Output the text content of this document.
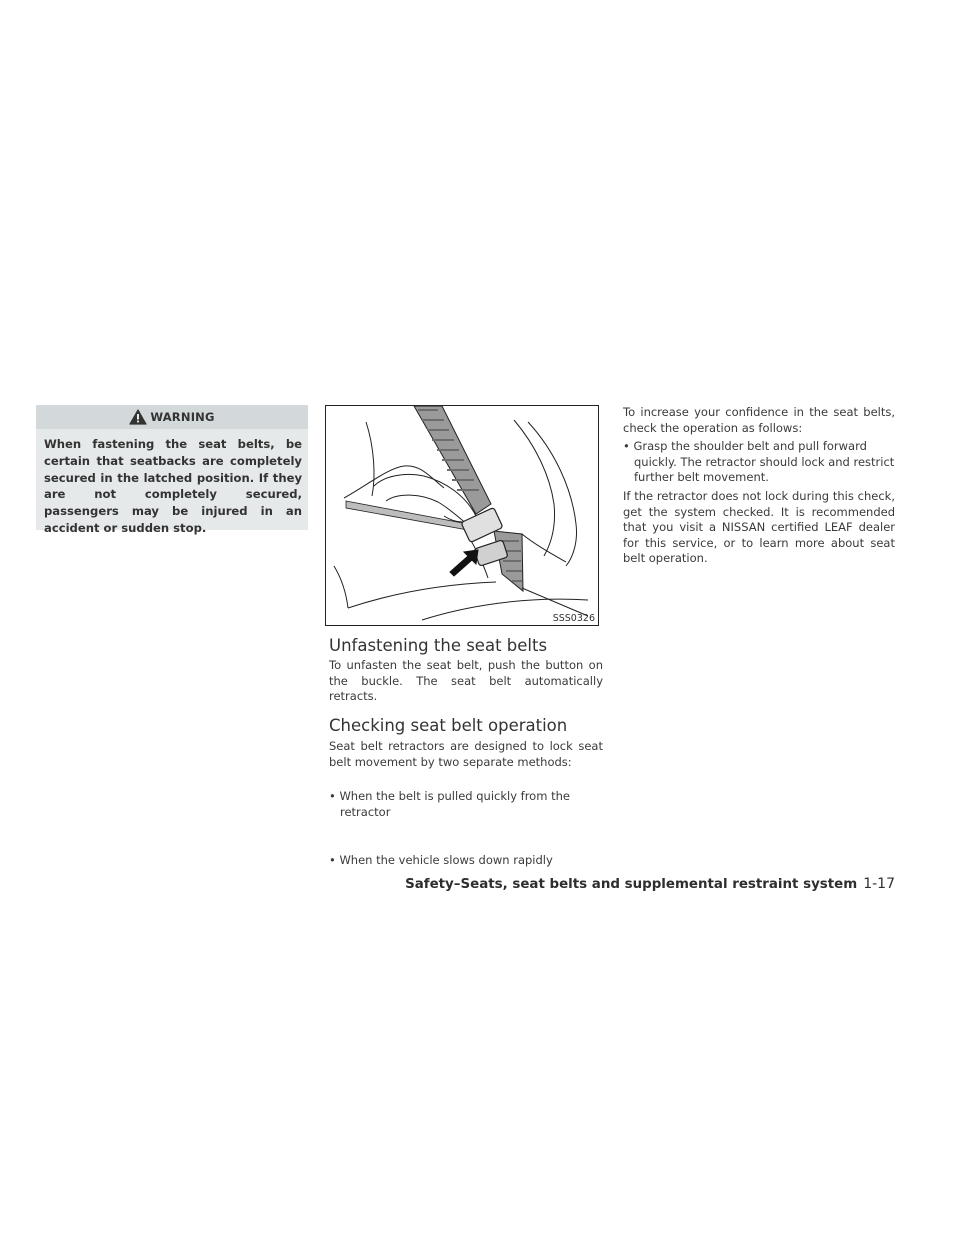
WARNING

When fastening the seat belts, be certain that seatbacks are completely secured in the latched position. If they are not completely secured, passengers may be injured in an accident or sudden stop.

SSS0326
Unfastening the seat belts

To unfasten the seat belt, push the button on the buckle. The seat belt automatically retracts.

Checking seat belt operation

Seat belt retractors are designed to lock seat belt movement by two separate methods:

• When the belt is pulled quickly from the retractor

• When the vehicle slows down rapidly

To increase your confidence in the seat belts, check the operation as follows:

• Grasp the shoulder belt and pull forward quickly. The retractor should lock and restrict further belt movement.

If the retractor does not lock during this check, get the system checked. It is recommended that you visit a NISSAN certified LEAF dealer for this service, or to learn more about seat belt operation.

Safety–Seats, seat belts and supplemental restraint system 1-17
